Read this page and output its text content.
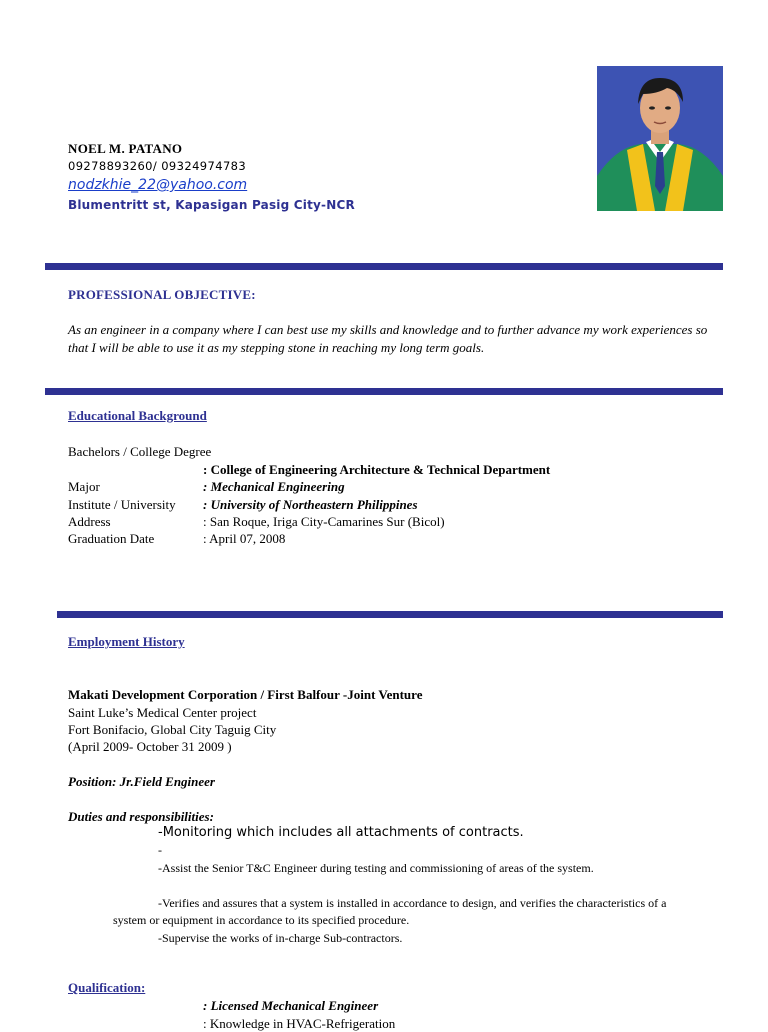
NOEL M. PATANO
09278893260/ 09324974783
nodzkhie_22@yahoo.com
Blumentritt st, Kapasigan Pasig City-NCR
PROFESSIONAL OBJECTIVE:
As an engineer in a company where I can best use my skills and knowledge and to further advance my work experiences so that I will be able to use it as my stepping stone in reaching my long term goals.
Educational Background
Bachelors / College Degree
: College of Engineering Architecture & Technical Department
Major	: Mechanical Engineering
Institute / University : University of Northeastern Philippines
Address	: San Roque, Iriga City-Camarines Sur (Bicol)
Graduation Date	: April 07, 2008
Employment History
Makati Development Corporation / First Balfour -Joint Venture
Saint Luke’s Medical Center project
Fort Bonifacio, Global City Taguig City
(April 2009- October 31 2009 )
Position: Jr.Field Engineer
Duties and responsibilities:
-Monitoring which includes all attachments of contracts.
-
-Assist the Senior T&C Engineer during testing and commissioning of areas of the system.
-Verifies and assures that a system is installed in accordance to design, and verifies the characteristics of a system or equipment in accordance to its specified procedure.
-Supervise the works of in-charge Sub-contractors.
Qualification:
: Licensed Mechanical Engineer
: Knowledge in HVAC-Refrigeration
